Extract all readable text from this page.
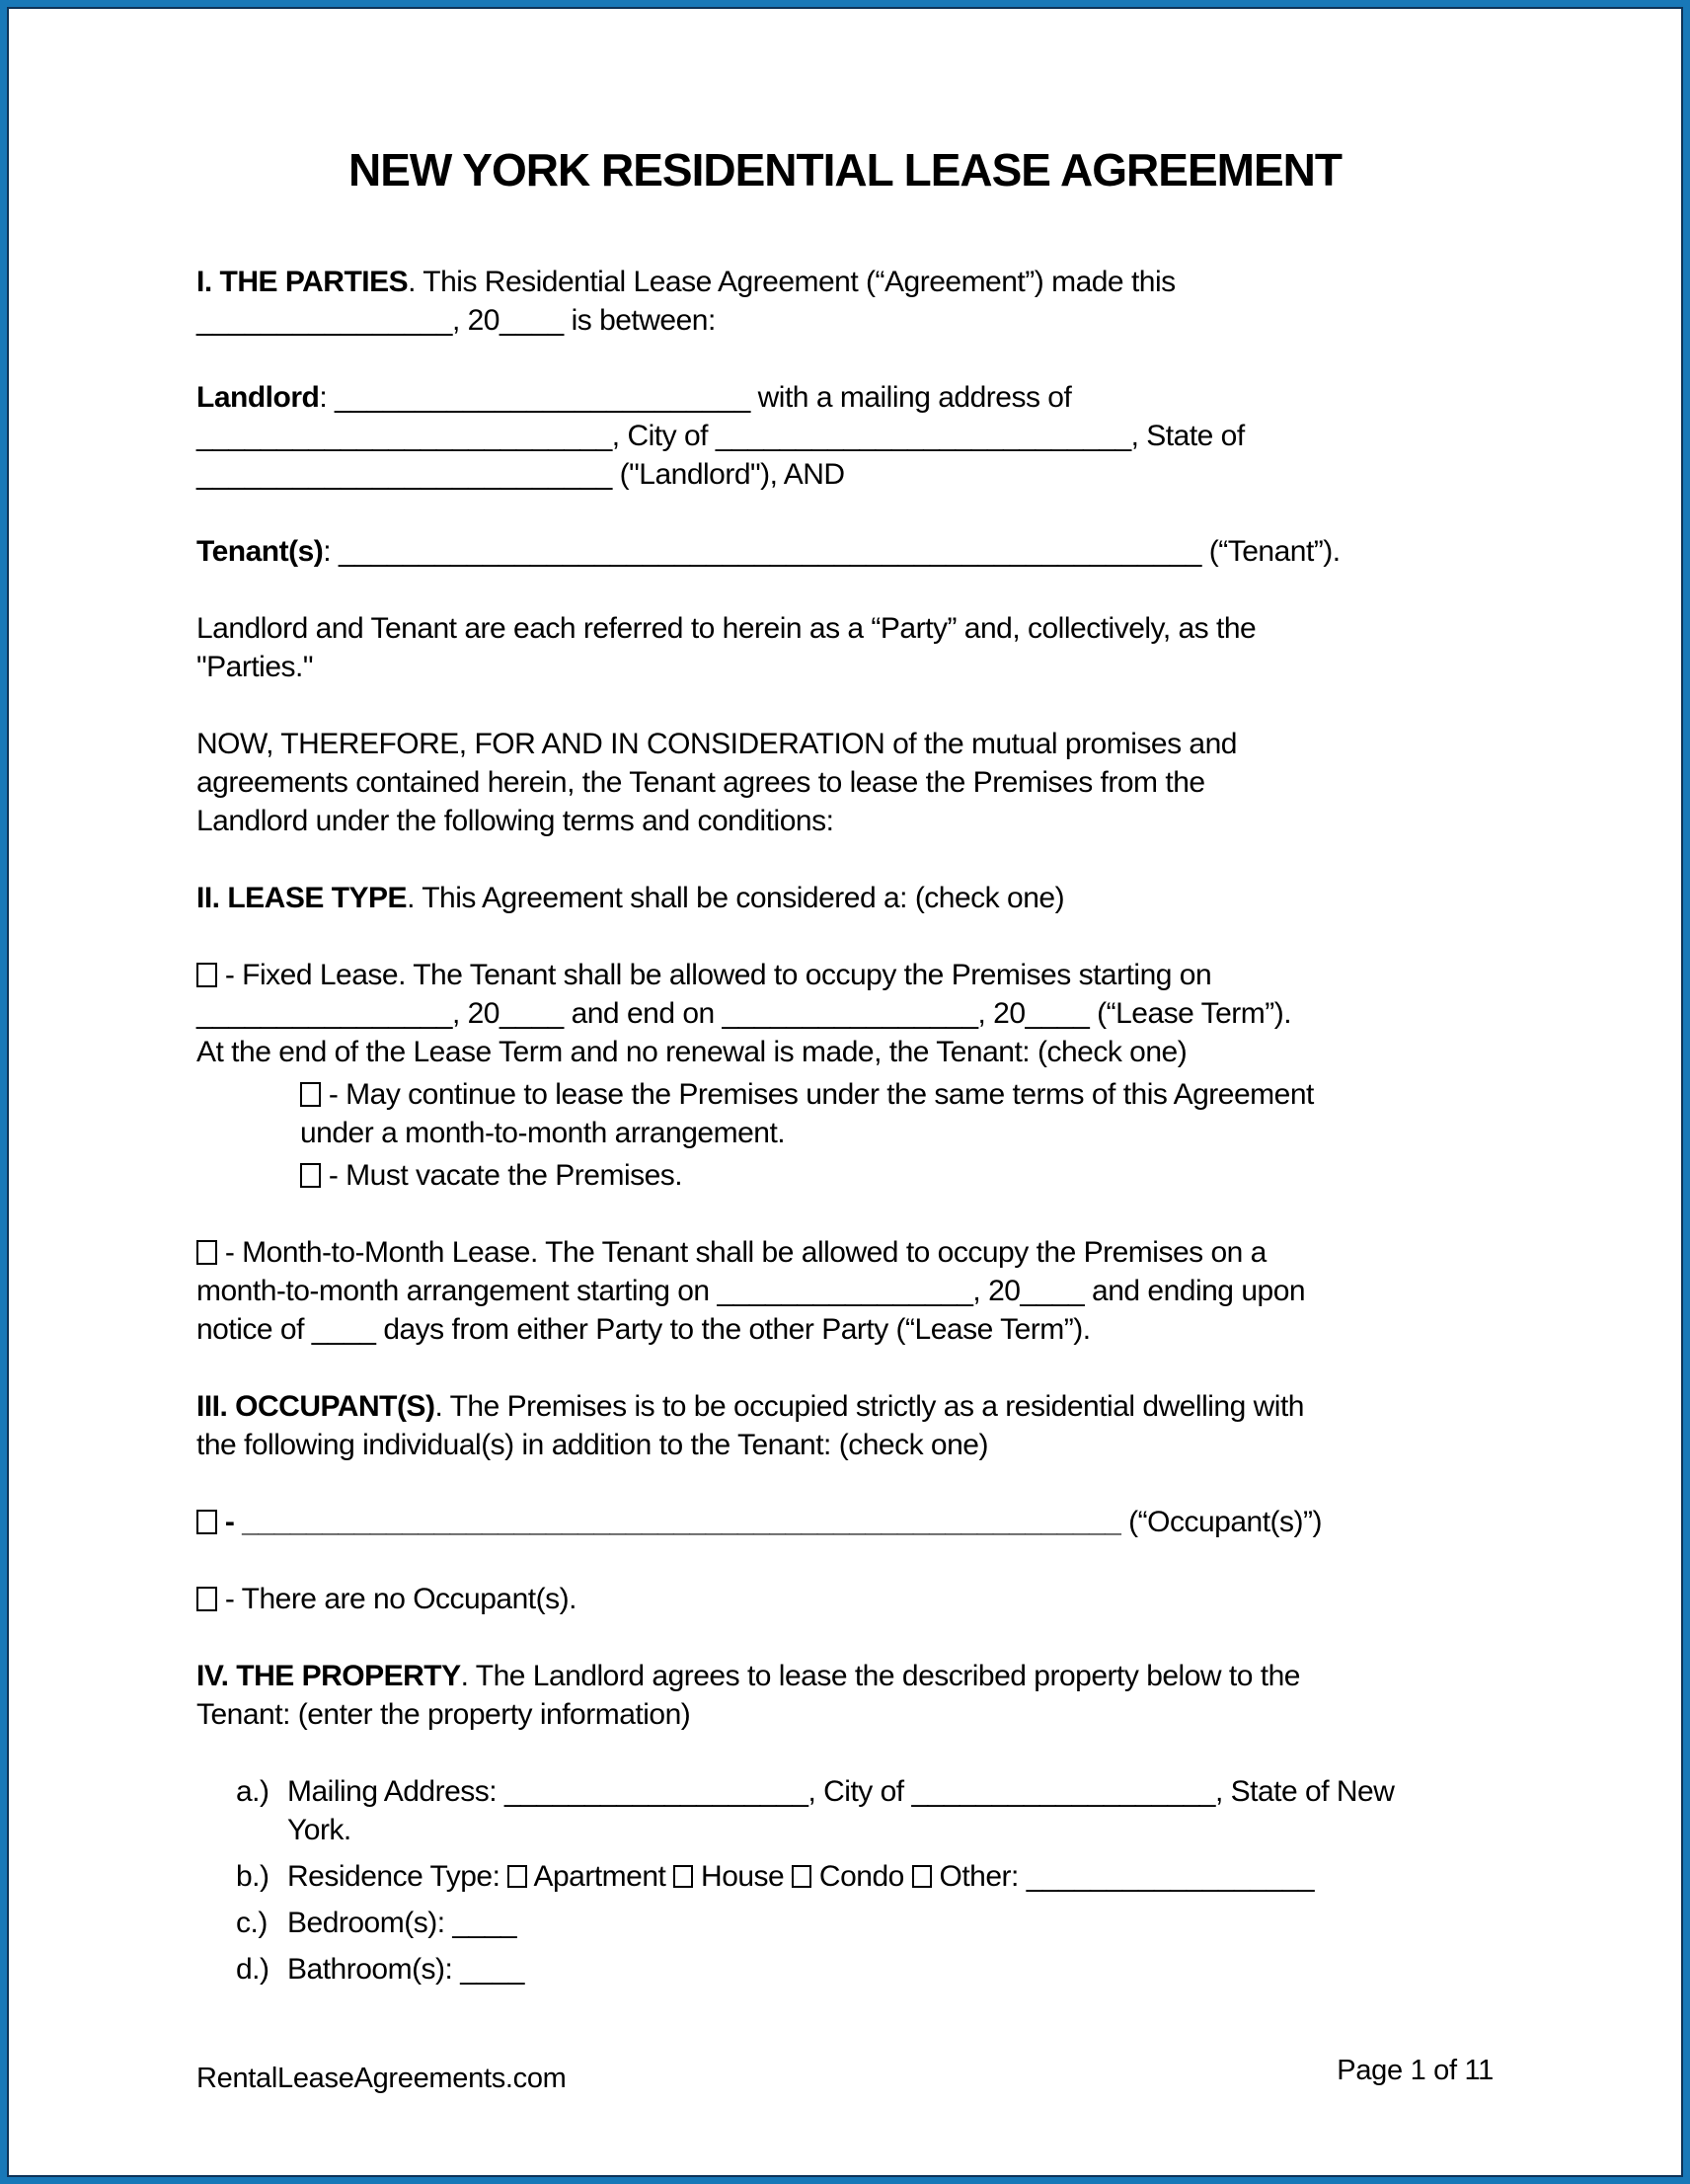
NEW YORK RESIDENTIAL LEASE AGREEMENT

I. THE PARTIES. This Residential Lease Agreement (“Agreement”) made this
________________, 20____ is between:

Landlord: __________________________ with a mailing address of
__________________________, City of __________________________, State of
__________________________ ("Landlord"), AND

Tenant(s): ______________________________________________________ (“Tenant”).

Landlord and Tenant are each referred to herein as a “Party” and, collectively, as the
"Parties."

NOW, THEREFORE, FOR AND IN CONSIDERATION of the mutual promises and
agreements contained herein, the Tenant agrees to lease the Premises from the
Landlord under the following terms and conditions:

II. LEASE TYPE. This Agreement shall be considered a: (check one)

- Fixed Lease. The Tenant shall be allowed to occupy the Premises starting on
________________, 20____ and end on ________________, 20____ (“Lease Term”).
At the end of the Lease Term and no renewal is made, the Tenant: (check one)

- May continue to lease the Premises under the same terms of this Agreement
under a month-to-month arrangement.

- Must vacate the Premises.

- Month-to-Month Lease. The Tenant shall be allowed to occupy the Premises on a
month-to-month arrangement starting on ________________, 20____ and ending upon
notice of ____ days from either Party to the other Party (“Lease Term”).

III. OCCUPANT(S). The Premises is to be occupied strictly as a residential dwelling with
the following individual(s) in addition to the Tenant: (check one)

- _______________________________________________________ (“Occupant(s)”)

- There are no Occupant(s).

IV. THE PROPERTY. The Landlord agrees to lease the described property below to the
Tenant: (enter the property information)

a.) Mailing Address: ___________________, City of ___________________, State of New
York.

b.) Residence Type:  Apartment  House  Condo  Other: __________________

c.) Bedroom(s): ____

d.) Bathroom(s): ____

RentalLeaseAgreements.com	Page 1 of 11
